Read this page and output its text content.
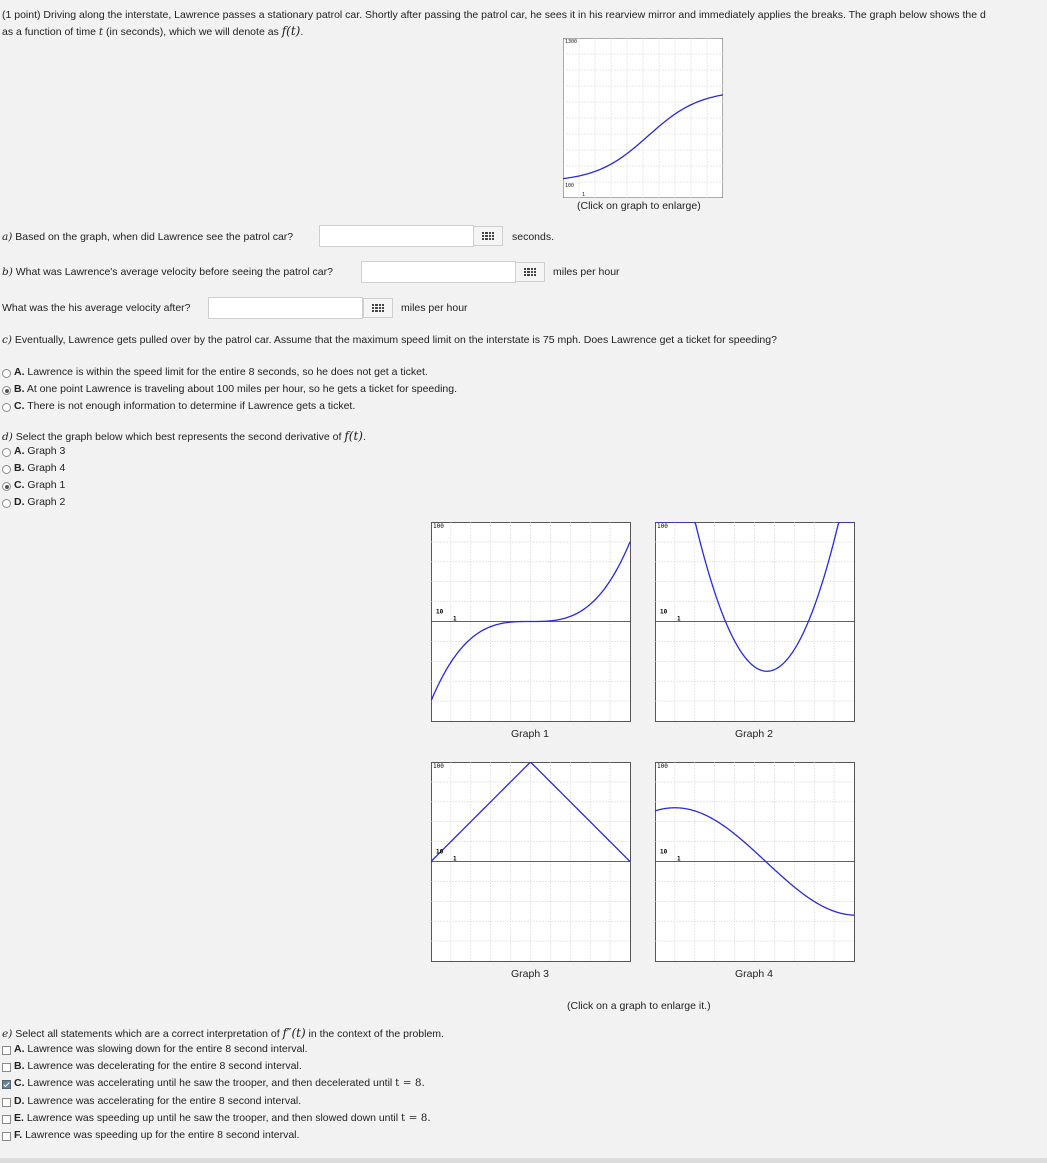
(1 point) Driving along the interstate, Lawrence passes a stationary patrol car. Shortly after passing the patrol car, he sees it in his rearview mirror and immediately applies the breaks. The graph below shows the d
as a function of time t (in seconds), which we will denote as f(t).
1300
100
1
(Click on graph to enlarge)
a) Based on the graph, when did Lawrence see the patrol car?	seconds.
b) What was Lawrence's average velocity before seeing the patrol car?	miles per hour
What was the his average velocity after?	miles per hour
c) Eventually, Lawrence gets pulled over by the patrol car. Assume that the maximum speed limit on the interstate is 75 mph. Does Lawrence get a ticket for speeding?
A. Lawrence is within the speed limit for the entire 8 seconds, so he does not get a ticket.
B. At one point Lawrence is traveling about 100 miles per hour, so he gets a ticket for speeding.
C. There is not enough information to determine if Lawrence gets a ticket.
d) Select the graph below which best represents the second derivative of f(t).
A. Graph 3
B. Graph 4
C. Graph 1
D. Graph 2
100
10
1
Graph 1
100
10
1
Graph 2
100
10
1
Graph 3
100
10
1
Graph 4
(Click on a graph to enlarge it.)
e) Select all statements which are a correct interpretation of f″(t) in the context of the problem.
A. Lawrence was slowing down for the entire 8 second interval.
B. Lawrence was decelerating for the entire 8 second interval.
C. Lawrence was accelerating until he saw the trooper, and then decelerated until t = 8.
D. Lawrence was accelerating for the entire 8 second interval.
E. Lawrence was speeding up until he saw the trooper, and then slowed down until t = 8.
F. Lawrence was speeding up for the entire 8 second interval.
